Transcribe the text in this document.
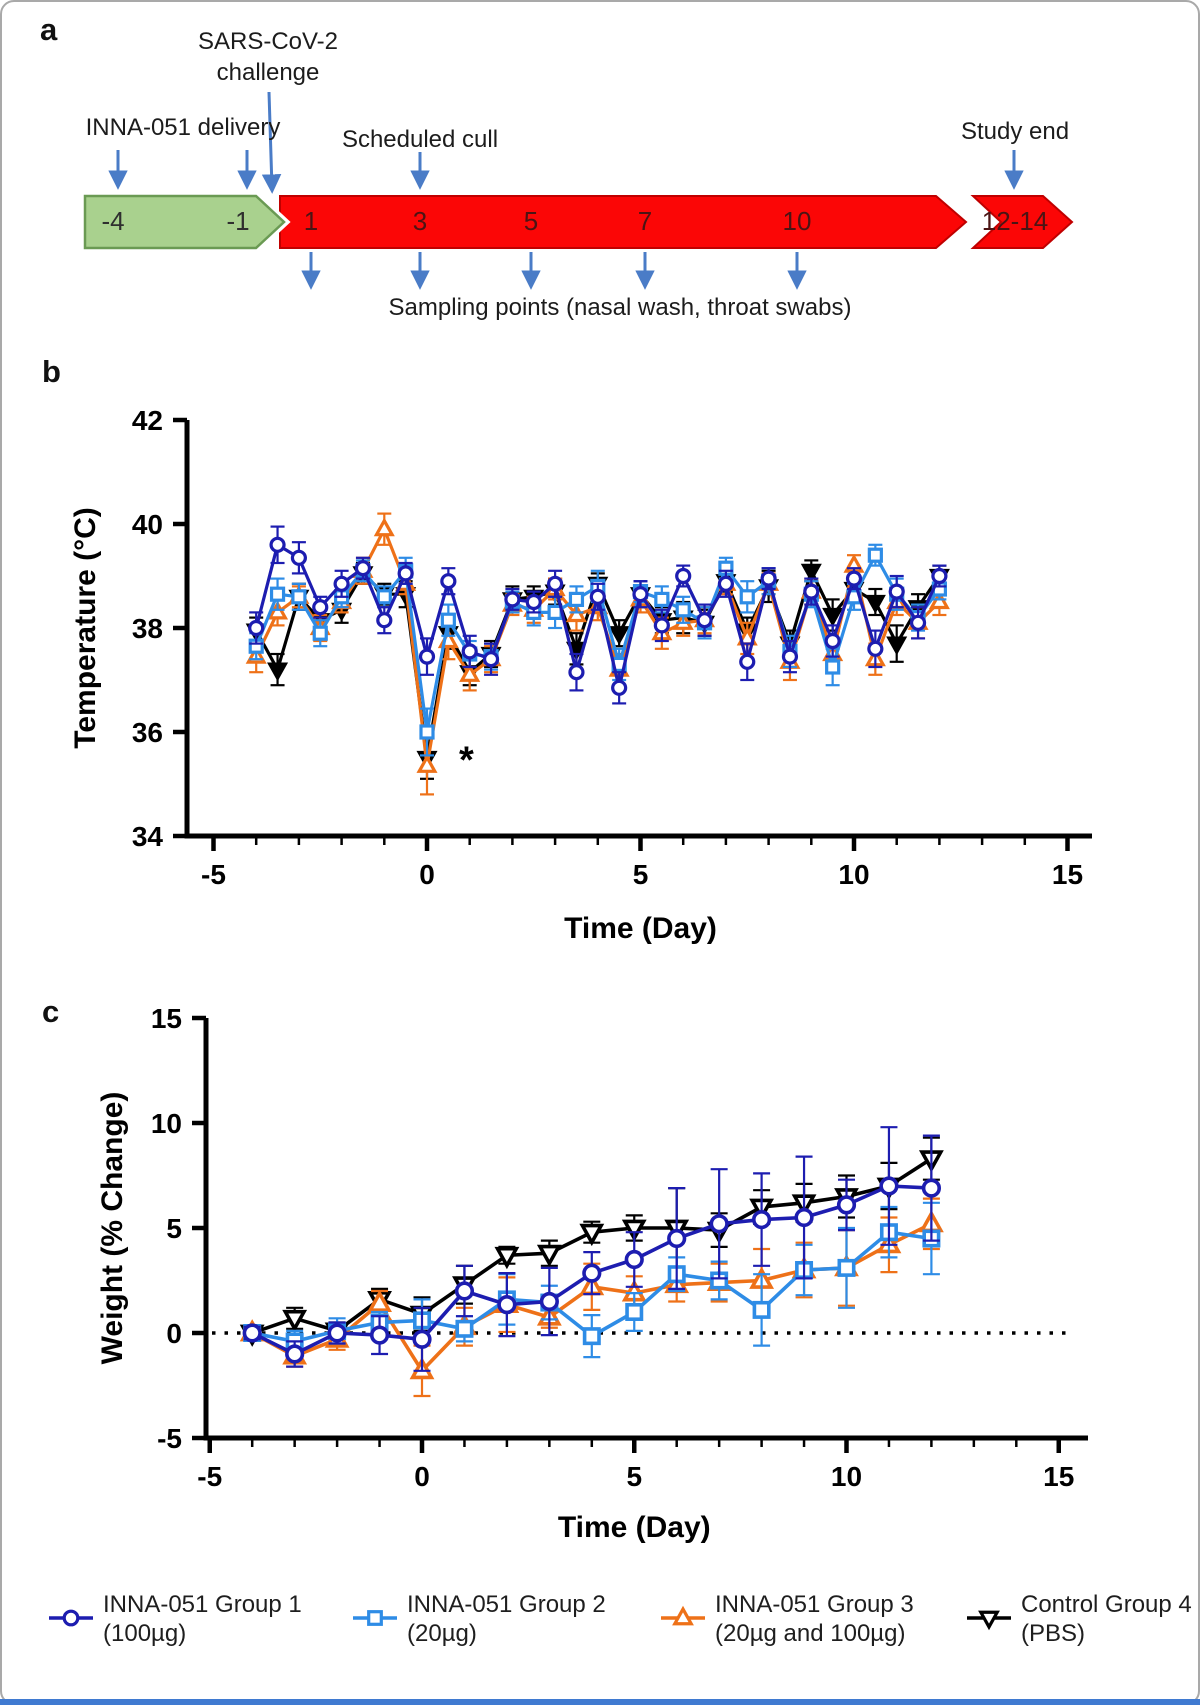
a	SARS-CoV-2
challenge
INNA-051 delivery	Scheduled cull	Study end
Sampling points (nasal wash, throat swabs)
-4	-1	1	3	5	7	10	12-14
b
c
34
36
38
40
42
-5	0	5	10	15
Time (Day)
Temperature (°C)
*
-5
0
5
10
15
-5	0	5	10	15
Time (Day)
Weight (% Change)
INNA-051 Group 1
(100µg)
INNA-051 Group 2
(20µg)
INNA-051 Group 3
(20µg and 100µg)
Control Group 4
(PBS)
